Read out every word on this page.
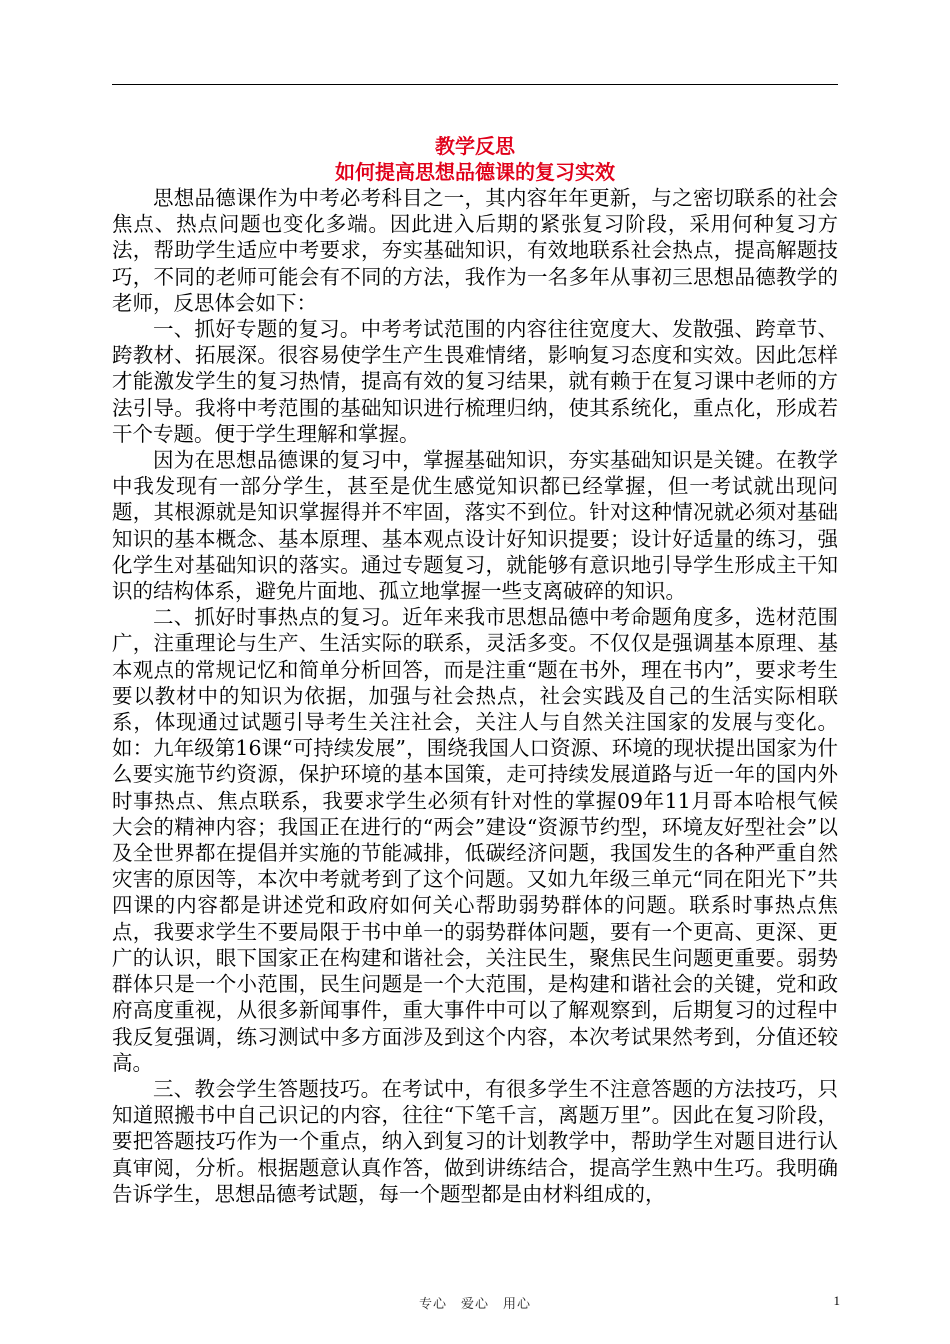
教学反思

如何提高思想品德课的复习实效

思想品德课作为中考必考科目之一，其内容年年更新，与之密切联系的社会焦点、热点问题也变化多端。因此进入后期的紧张复习阶段，采用何种复习方法，帮助学生适应中考要求，夯实基础知识，有效地联系社会热点，提高解题技巧，不同的老师可能会有不同的方法，我作为一名多年从事初三思想品德教学的老师，反思体会如下：

一、抓好专题的复习。中考考试范围的内容往往宽度大、发散强、跨章节、跨教材、拓展深。很容易使学生产生畏难情绪，影响复习态度和实效。因此怎样才能激发学生的复习热情，提高有效的复习结果，就有赖于在复习课中老师的方法引导。我将中考范围的基础知识进行梳理归纳，使其系统化，重点化，形成若干个专题。便于学生理解和掌握。

因为在思想品德课的复习中，掌握基础知识，夯实基础知识是关键。在教学中我发现有一部分学生，甚至是优生感觉知识都已经掌握，但一考试就出现问题，其根源就是知识掌握得并不牢固，落实不到位。针对这种情况就必须对基础知识的基本概念、基本原理、基本观点设计好知识提要；设计好适量的练习，强化学生对基础知识的落实。通过专题复习，就能够有意识地引导学生形成主干知识的结构体系，避免片面地、孤立地掌握一些支离破碎的知识。

二、抓好时事热点的复习。近年来我市思想品德中考命题角度多，选材范围广，注重理论与生产、生活实际的联系，灵活多变。不仅仅是强调基本原理、基本观点的常规记忆和简单分析回答，而是注重“题在书外，理在书内”，要求考生要以教材中的知识为依据，加强与社会热点，社会实践及自己的生活实际相联系，体现通过试题引导考生关注社会，关注人与自然关注国家的发展与变化。如：九年级第16课“可持续发展”，围绕我国人口资源、环境的现状提出国家为什么要实施节约资源，保护环境的基本国策，走可持续发展道路与近一年的国内外时事热点、焦点联系，我要求学生必须有针对性的掌握09年11月哥本哈根气候大会的精神内容；我国正在进行的“两会”建设“资源节约型，环境友好型社会”以及全世界都在提倡并实施的节能减排，低碳经济问题，我国发生的各种严重自然灾害的原因等，本次中考就考到了这个问题。又如九年级三单元“同在阳光下”共四课的内容都是讲述党和政府如何关心帮助弱势群体的问题。联系时事热点焦点，我要求学生不要局限于书中单一的弱势群体问题，要有一个更高、更深、更广的认识，眼下国家正在构建和谐社会，关注民生，聚焦民生问题更重要。弱势群体只是一个小范围，民生问题是一个大范围，是构建和谐社会的关键，党和政府高度重视，从很多新闻事件，重大事件中可以了解观察到，后期复习的过程中我反复强调，练习测试中多方面涉及到这个内容，本次考试果然考到，分值还较高。

三、教会学生答题技巧。在考试中，有很多学生不注意答题的方法技巧，只知道照搬书中自己识记的内容，往往“下笔千言，离题万里”。因此在复习阶段，要把答题技巧作为一个重点，纳入到复习的计划教学中，帮助学生对题目进行认真审阅，分析。根据题意认真作答，做到讲练结合，提高学生熟中生巧。我明确告诉学生，思想品德考试题，每一个题型都是由材料组成的，

专心　爱心　用心	1
